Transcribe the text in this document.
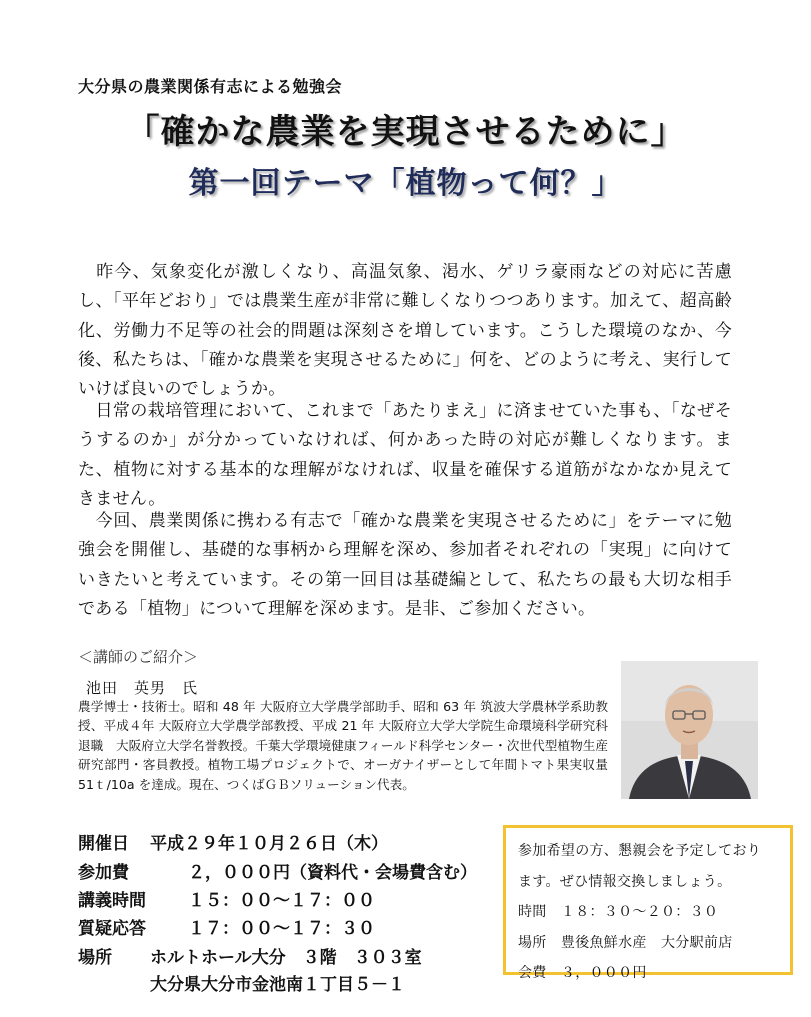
大分県の農業関係有志による勉強会
「確かな農業を実現させるために」
第一回テーマ「植物って何？」
　昨今、気象変化が激しくなり、高温気象、渇水、ゲリラ豪雨などの対応に苦慮し、「平年どおり」では農業生産が非常に難しくなりつつあります。加えて、超高齢化、労働力不足等の社会的問題は深刻さを増しています。こうした環境のなか、今後、私たちは、「確かな農業を実現させるために」何を、どのように考え、実行していけば良いのでしょうか。
　日常の栽培管理において、これまで「あたりまえ」に済ませていた事も、「なぜそうするのか」が分かっていなければ、何かあった時の対応が難しくなります。また、植物に対する基本的な理解がなければ、収量を確保する道筋がなかなか見えてきません。
　今回、農業関係に携わる有志で「確かな農業を実現させるために」をテーマに勉強会を開催し、基礎的な事柄から理解を深め、参加者それぞれの「実現」に向けていきたいと考えています。その第一回目は基礎編として、私たちの最も大切な相手である「植物」について理解を深めます。是非、ご参加ください。
＜講師のご紹介＞
池田　英男　氏
農学博士・技術士。昭和 48 年 大阪府立大学農学部助手、昭和 63 年 筑波大学農林学系助教授、平成４年 大阪府立大学農学部教授、平成 21 年 大阪府立大学大学院生命環境科学研究科退職　大阪府立大学名誉教授。千葉大学環境健康フィールド科学センター・次世代型植物生産研究部門・客員教授。植物工場プロジェクトで、オーガナイザーとして年間トマト果実収量 51ｔ/10a を達成。現在、つくばＧＢソリューション代表。
開催日 平成２９年１０月２６日（木）
参加費	２，０００円（資料代・会場費含む）
講義時間 １５：００～１７：００
質疑応答 １７：００～１７：３０
場所 ホルトホール大分　３階　３０３室
大分県大分市金池南１丁目５－１
参加希望の方、懇親会を予定しており
ます。ぜひ情報交換しましょう。
時間　１８：３０～２０：３０
場所　豊後魚鮮水産　大分駅前店
会費　３，０００円
